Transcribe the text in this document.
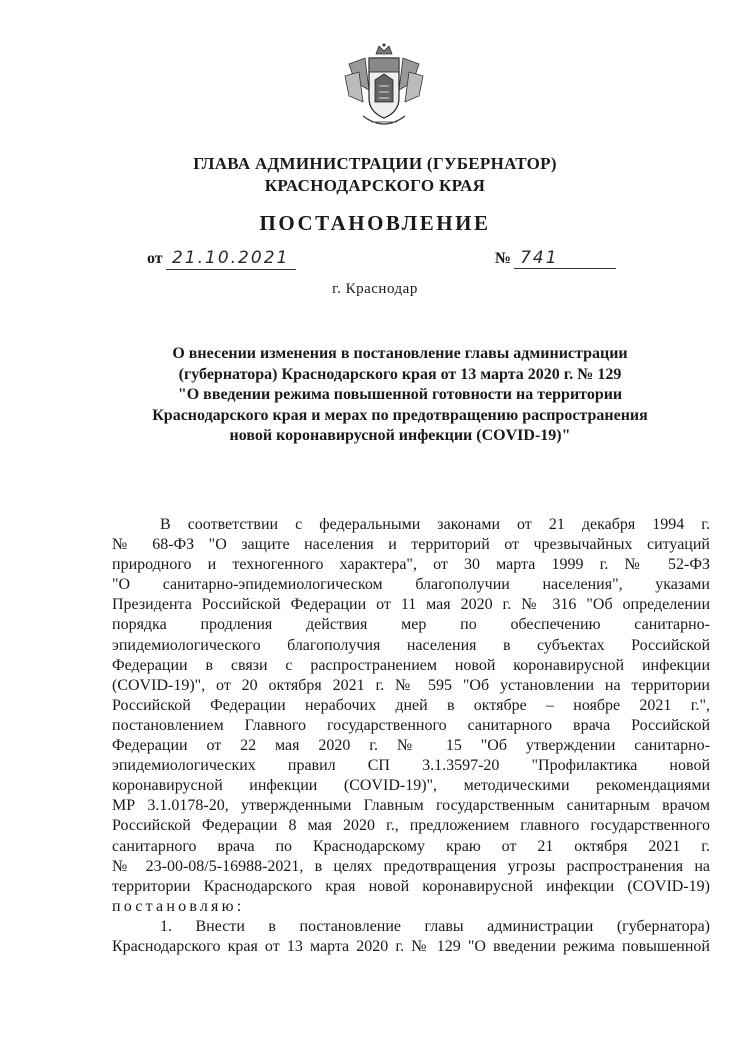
ГЛАВА АДМИНИСТРАЦИИ (ГУБЕРНАТОР)
КРАСНОДАРСКОГО КРАЯ
ПОСТАНОВЛЕНИЕ
от 21.10.2021	№ 741
г. Краснодар
О внесении изменения в постановление главы администрации
(губернатора) Краснодарского края от 13 марта 2020 г. № 129
"О введении режима повышенной готовности на территории
Краснодарского края и мерах по предотвращению распространения
новой коронавирусной инфекции (COVID-19)"
В соответствии с федеральными законами от 21 декабря 1994 г.
№ 68-ФЗ "О защите населения и территорий от чрезвычайных ситуаций
природного и техногенного характера", от 30 марта 1999 г. № 52-ФЗ
"О санитарно-эпидемиологическом благополучии населения", указами
Президента Российской Федерации от 11 мая 2020 г. № 316 "Об определении
порядка продления действия мер по обеспечению санитарно-
эпидемиологического благополучия населения в субъектах Российской
Федерации в связи с распространением новой коронавирусной инфекции
(COVID-19)", от 20 октября 2021 г. № 595 "Об установлении на территории
Российской Федерации нерабочих дней в октябре – ноябре 2021 г.",
постановлением Главного государственного санитарного врача Российской
Федерации от 22 мая 2020 г. № 15 "Об утверждении санитарно-
эпидемиологических правил СП 3.1.3597-20 "Профилактика новой
коронавирусной инфекции (COVID-19)", методическими рекомендациями
МР 3.1.0178-20, утвержденными Главным государственным санитарным врачом
Российской Федерации 8 мая 2020 г., предложением главного государственного
санитарного врача по Краснодарскому краю от 21 октября 2021 г.
№ 23-00-08/5-16988-2021, в целях предотвращения угрозы распространения на
территории Краснодарского края новой коронавирусной инфекции (COVID-19)
постановляю:
1. Внести в постановление главы администрации (губернатора)
Краснодарского края от 13 марта 2020 г. № 129 "О введении режима повышенной
